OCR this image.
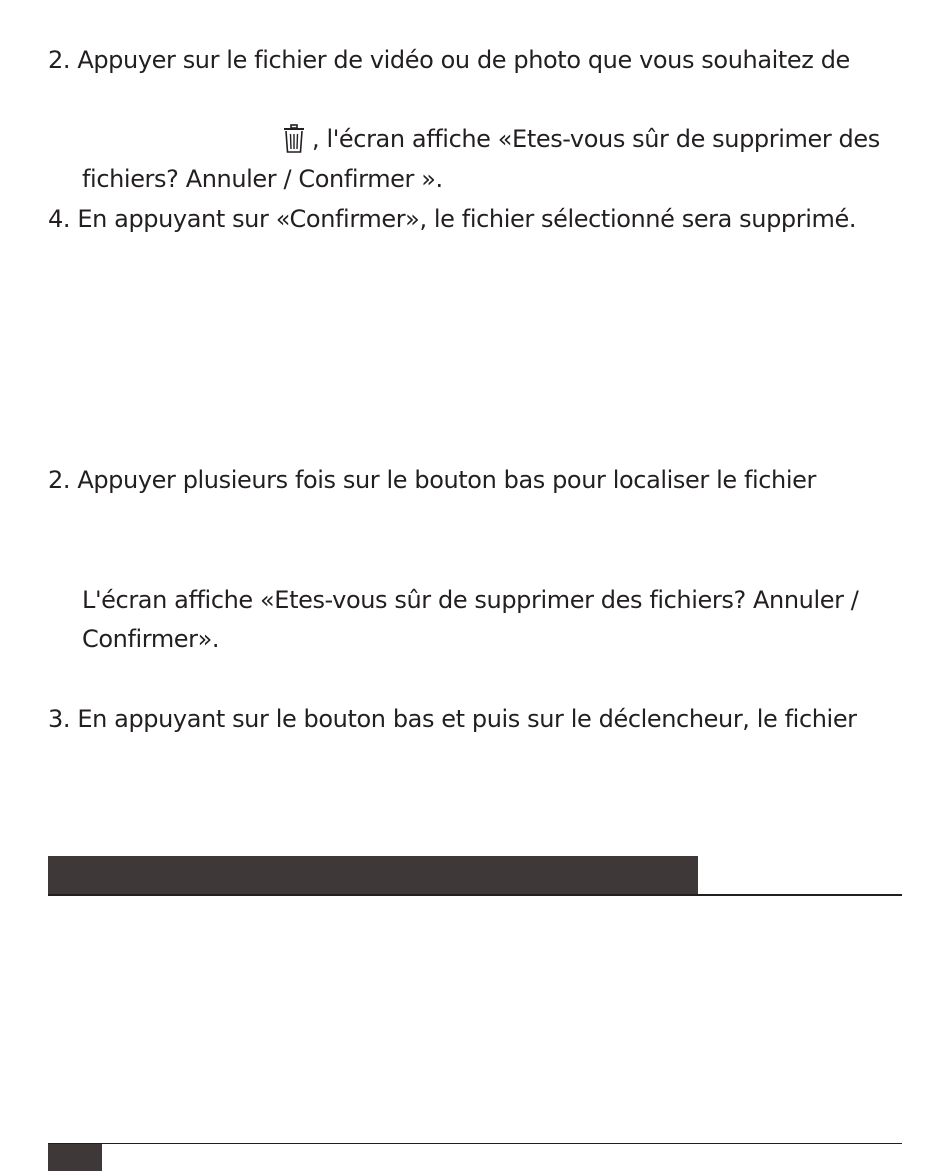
2. Appuyer sur le fichier de vidéo ou de photo que vous souhaitez de
, l'écran affiche «Etes-vous sûr de supprimer des
fichiers? Annuler / Confirmer ».
4. En appuyant sur «Confirmer», le fichier sélectionné sera supprimé.
2. Appuyer plusieurs fois sur le bouton bas pour localiser le fichier
L'écran affiche «Etes-vous sûr de supprimer des fichiers? Annuler /
Confirmer».
3. En appuyant sur le bouton bas et puis sur le déclencheur, le fichier
